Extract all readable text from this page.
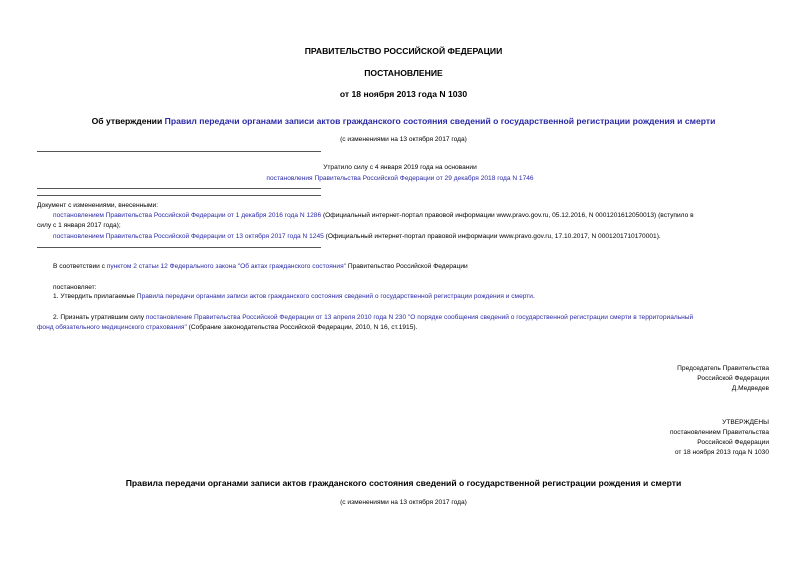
ПРАВИТЕЛЬСТВО РОССИЙСКОЙ ФЕДЕРАЦИИ
ПОСТАНОВЛЕНИЕ
от 18 ноября 2013 года N 1030
Об утверждении Правил передачи органами записи актов гражданского состояния сведений о государственной регистрации рождения и смерти
(с изменениями на 13 октября 2017 года)
Утратило силу с 4 января 2019 года на основании
постановления Правительства Российской Федерации от 29 декабря 2018 года N 1746
Документ с изменениями, внесенными:
постановлением Правительства Российской Федерации от 1 декабря 2016 года N 1286 (Официальный интернет-портал правовой информации www.pravo.gov.ru, 05.12.2016, N 0001201612050013) (вступило в
силу с 1 января 2017 года);
постановлением Правительства Российской Федерации от 13 октября 2017 года N 1245 (Официальный интернет-портал правовой информации www.pravo.gov.ru, 17.10.2017, N 0001201710170001).
В соответствии с пунктом 2 статьи 12 Федерального закона "Об актах гражданского состояния" Правительство Российской Федерации
постановляет:
1. Утвердить прилагаемые Правила передачи органами записи актов гражданского состояния сведений о государственной регистрации рождения и смерти.
2. Признать утратившим силу постановление Правительства Российской Федерации от 13 апреля 2010 года N 230 "О порядке сообщения сведений о государственной регистрации смерти в территориальный
фонд обязательного медицинского страхования" (Собрание законодательства Российской Федерации, 2010, N 16, ст.1915).
Председатель Правительства
Российской Федерации
Д.Медведев
УТВЕРЖДЕНЫ
постановлением Правительства
Российской Федерации
от 18 ноября 2013 года N 1030
Правила передачи органами записи актов гражданского состояния сведений о государственной регистрации рождения и смерти
(с изменениями на 13 октября 2017 года)
